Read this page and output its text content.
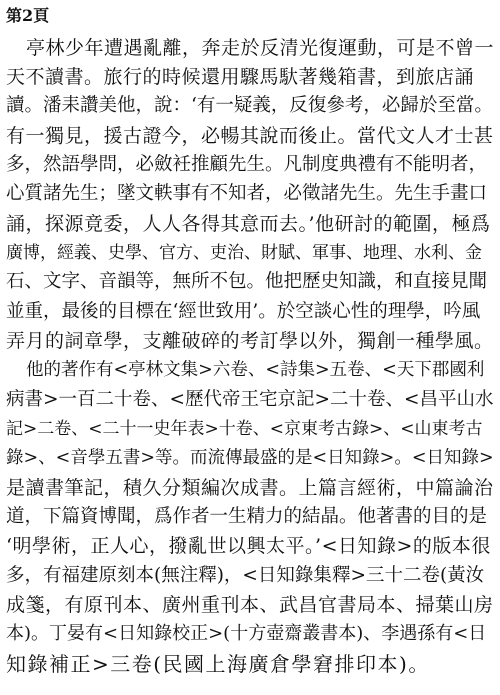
第2頁
亭林少年遭遇亂離，奔走於反清光復運動，可是不曾一
天不讀書。旅行的時候還用驟馬馱著幾箱書，到旅店誦
讀。潘耒讚美他，說：‘有一疑義，反復參考，必歸於至當。
有一獨見，援古證今，必暢其說而後止。當代文人才士甚
多，然語學問，必斂衽推顧先生。凡制度典禮有不能明者，
心質諸先生；墜文軼事有不知者，必徵諸先生。先生手畫口
誦，探源竟委，人人各得其意而去。’他研討的範圍，極爲
廣博，經義、史學、官方、吏治、財賦、軍事、地理、水利、金
石、文字、音韻等，無所不包。他把歷史知識，和直接見聞
並重，最後的目標在‘經世致用’。於空談心性的理學，吟風
弄月的詞章學，支離破碎的考訂學以外，獨創一種學風。
他的著作有<亭林文集>六卷、<詩集>五卷、<天下郡國利
病書>一百二十卷、<歷代帝王宅京記>二十卷、<昌平山水
記>二卷、<二十一史年表>十卷、<京東考古錄>、<山東考古
錄>、<音學五書>等。而流傳最盛的是<日知錄>。<日知錄>
是讀書筆記，積久分類編次成書。上篇言經術，中篇論治
道，下篇資博聞，爲作者一生精力的結晶。他著書的目的是
‘明學術，正人心，撥亂世以興太平。’<日知錄>的版本很
多，有福建原刻本(無注釋)，<日知錄集釋>三十二卷(黃汝
成箋，有原刊本、廣州重刊本、武昌官書局本、掃葉山房
本)。丁晏有<日知錄校正>(十方壺齋叢書本)、李遇孫有<日
知錄補正>三卷(民國上海廣倉學窘排印本)。
